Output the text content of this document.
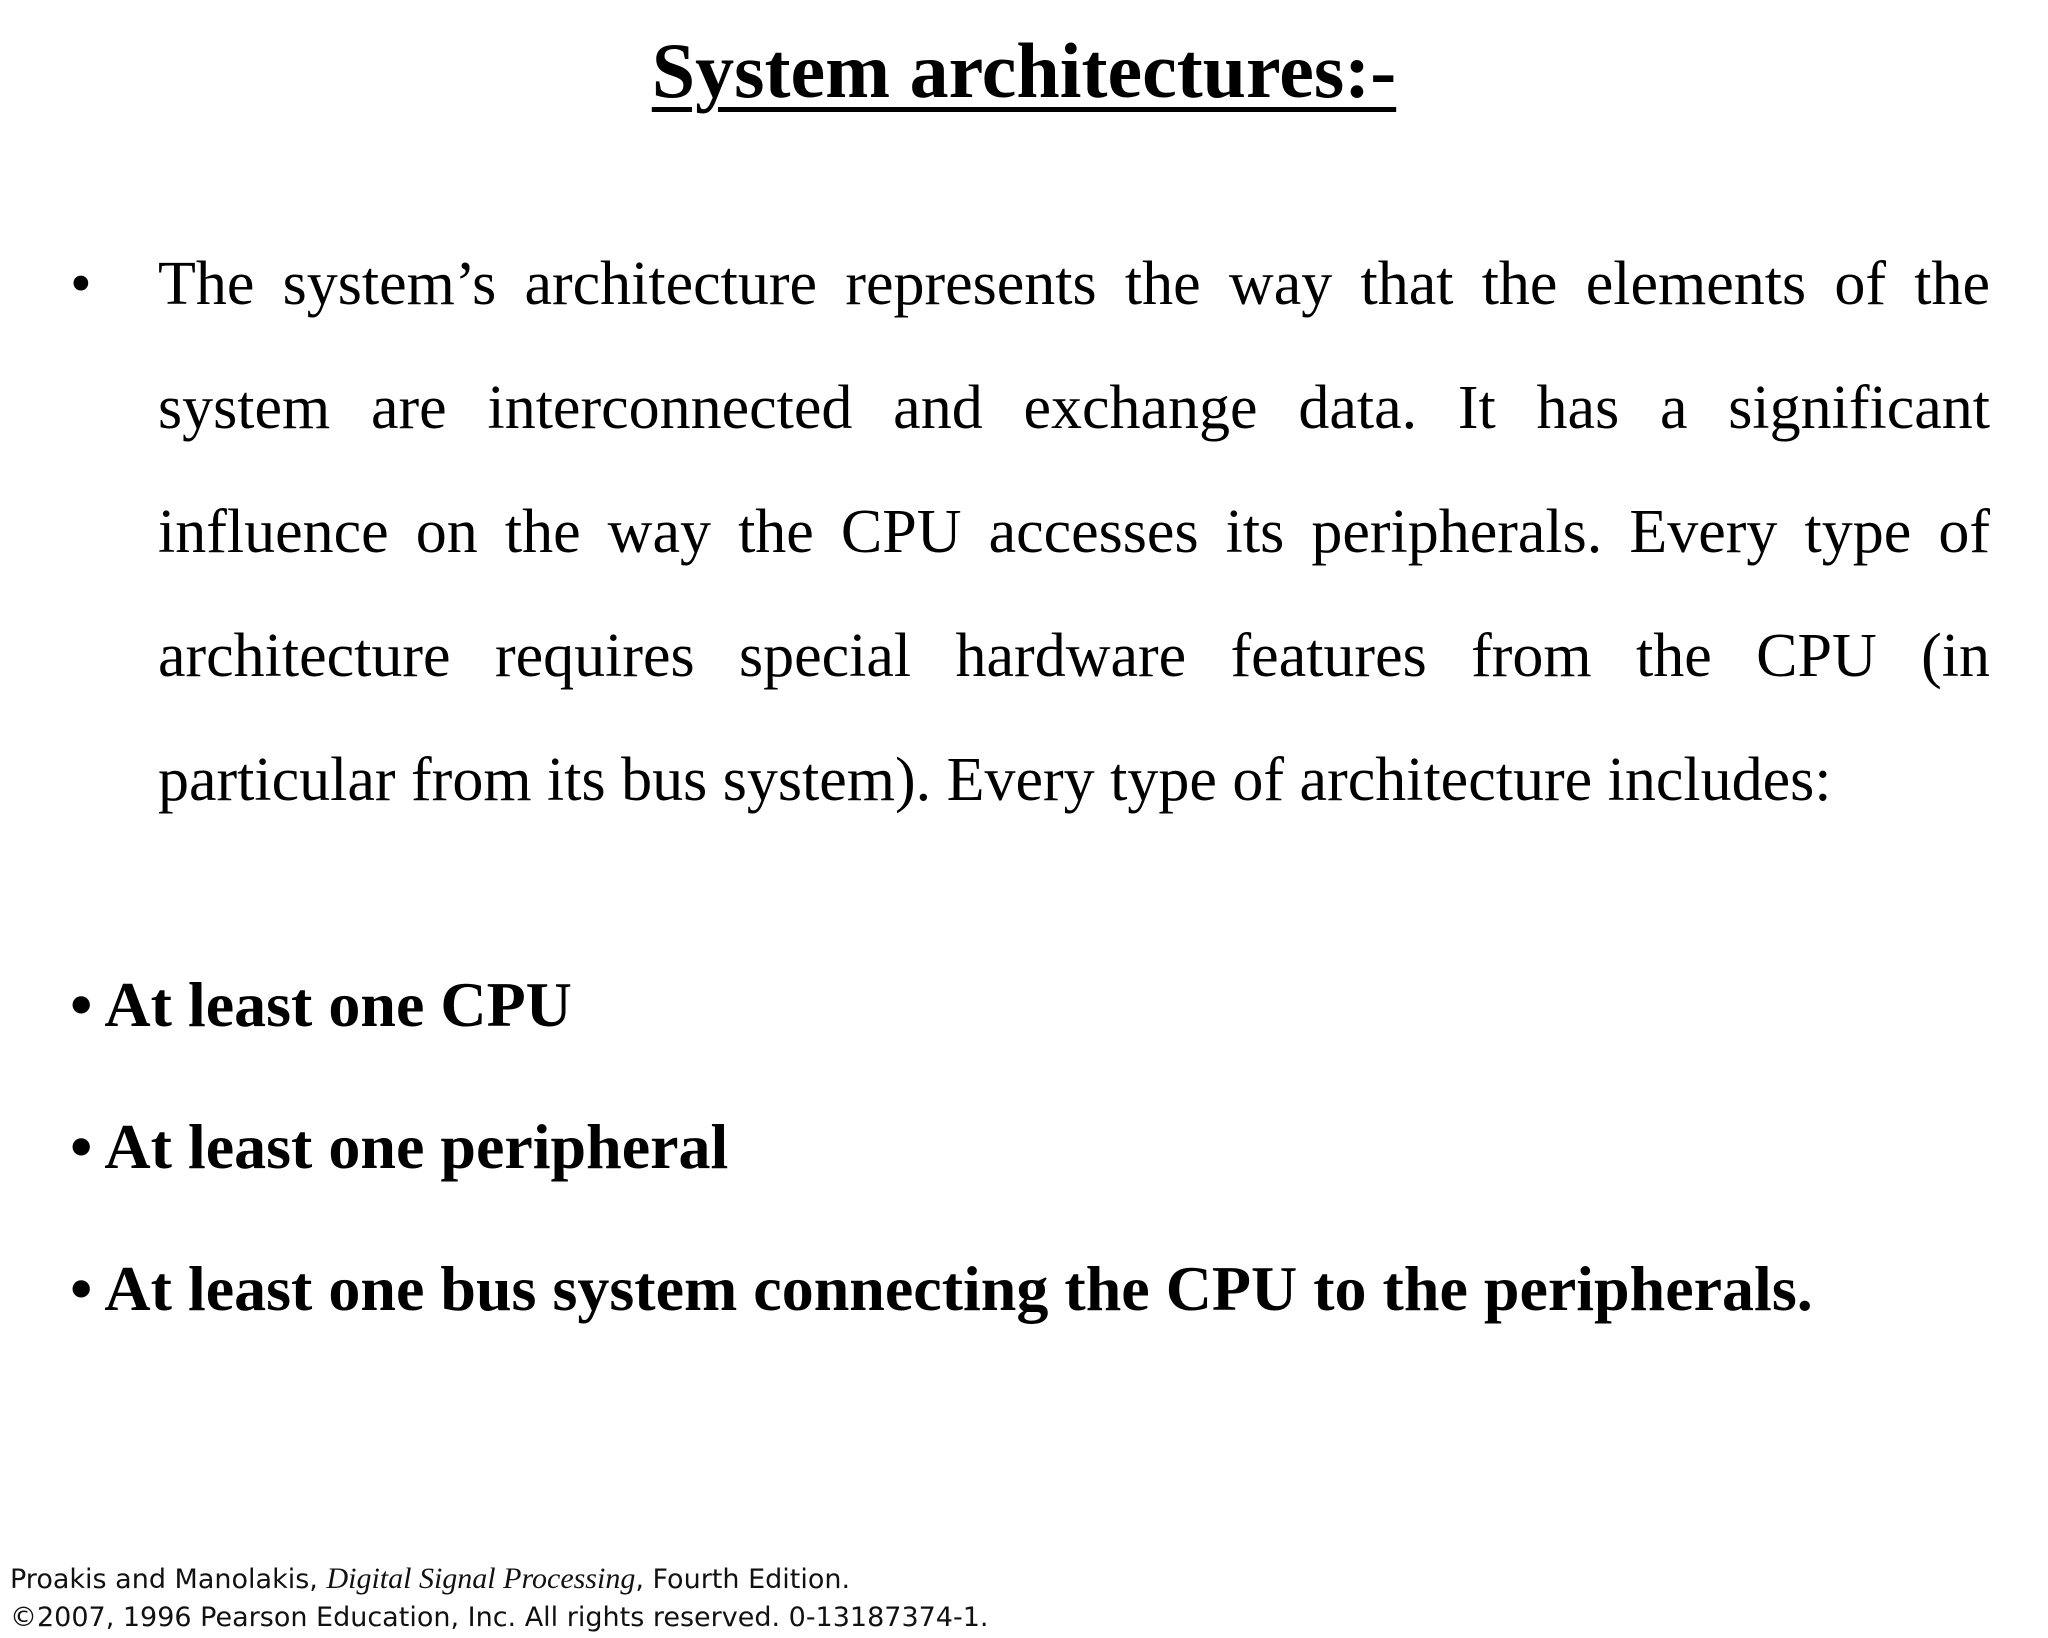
System architectures:-
• The system’s architecture represents the way that the elements of the system are interconnected and exchange data. It has a significant influence on the way the CPU accesses its peripherals. Every type of architecture requires special hardware features from the CPU (in particular from its bus system). Every type of architecture includes:

• At least one CPU
• At least one peripheral
• At least one bus system connecting the CPU to the peripherals.
Proakis and Manolakis, Digital Signal Processing, Fourth Edition.
©2007, 1996 Pearson Education, Inc. All rights reserved. 0-13187374-1.
